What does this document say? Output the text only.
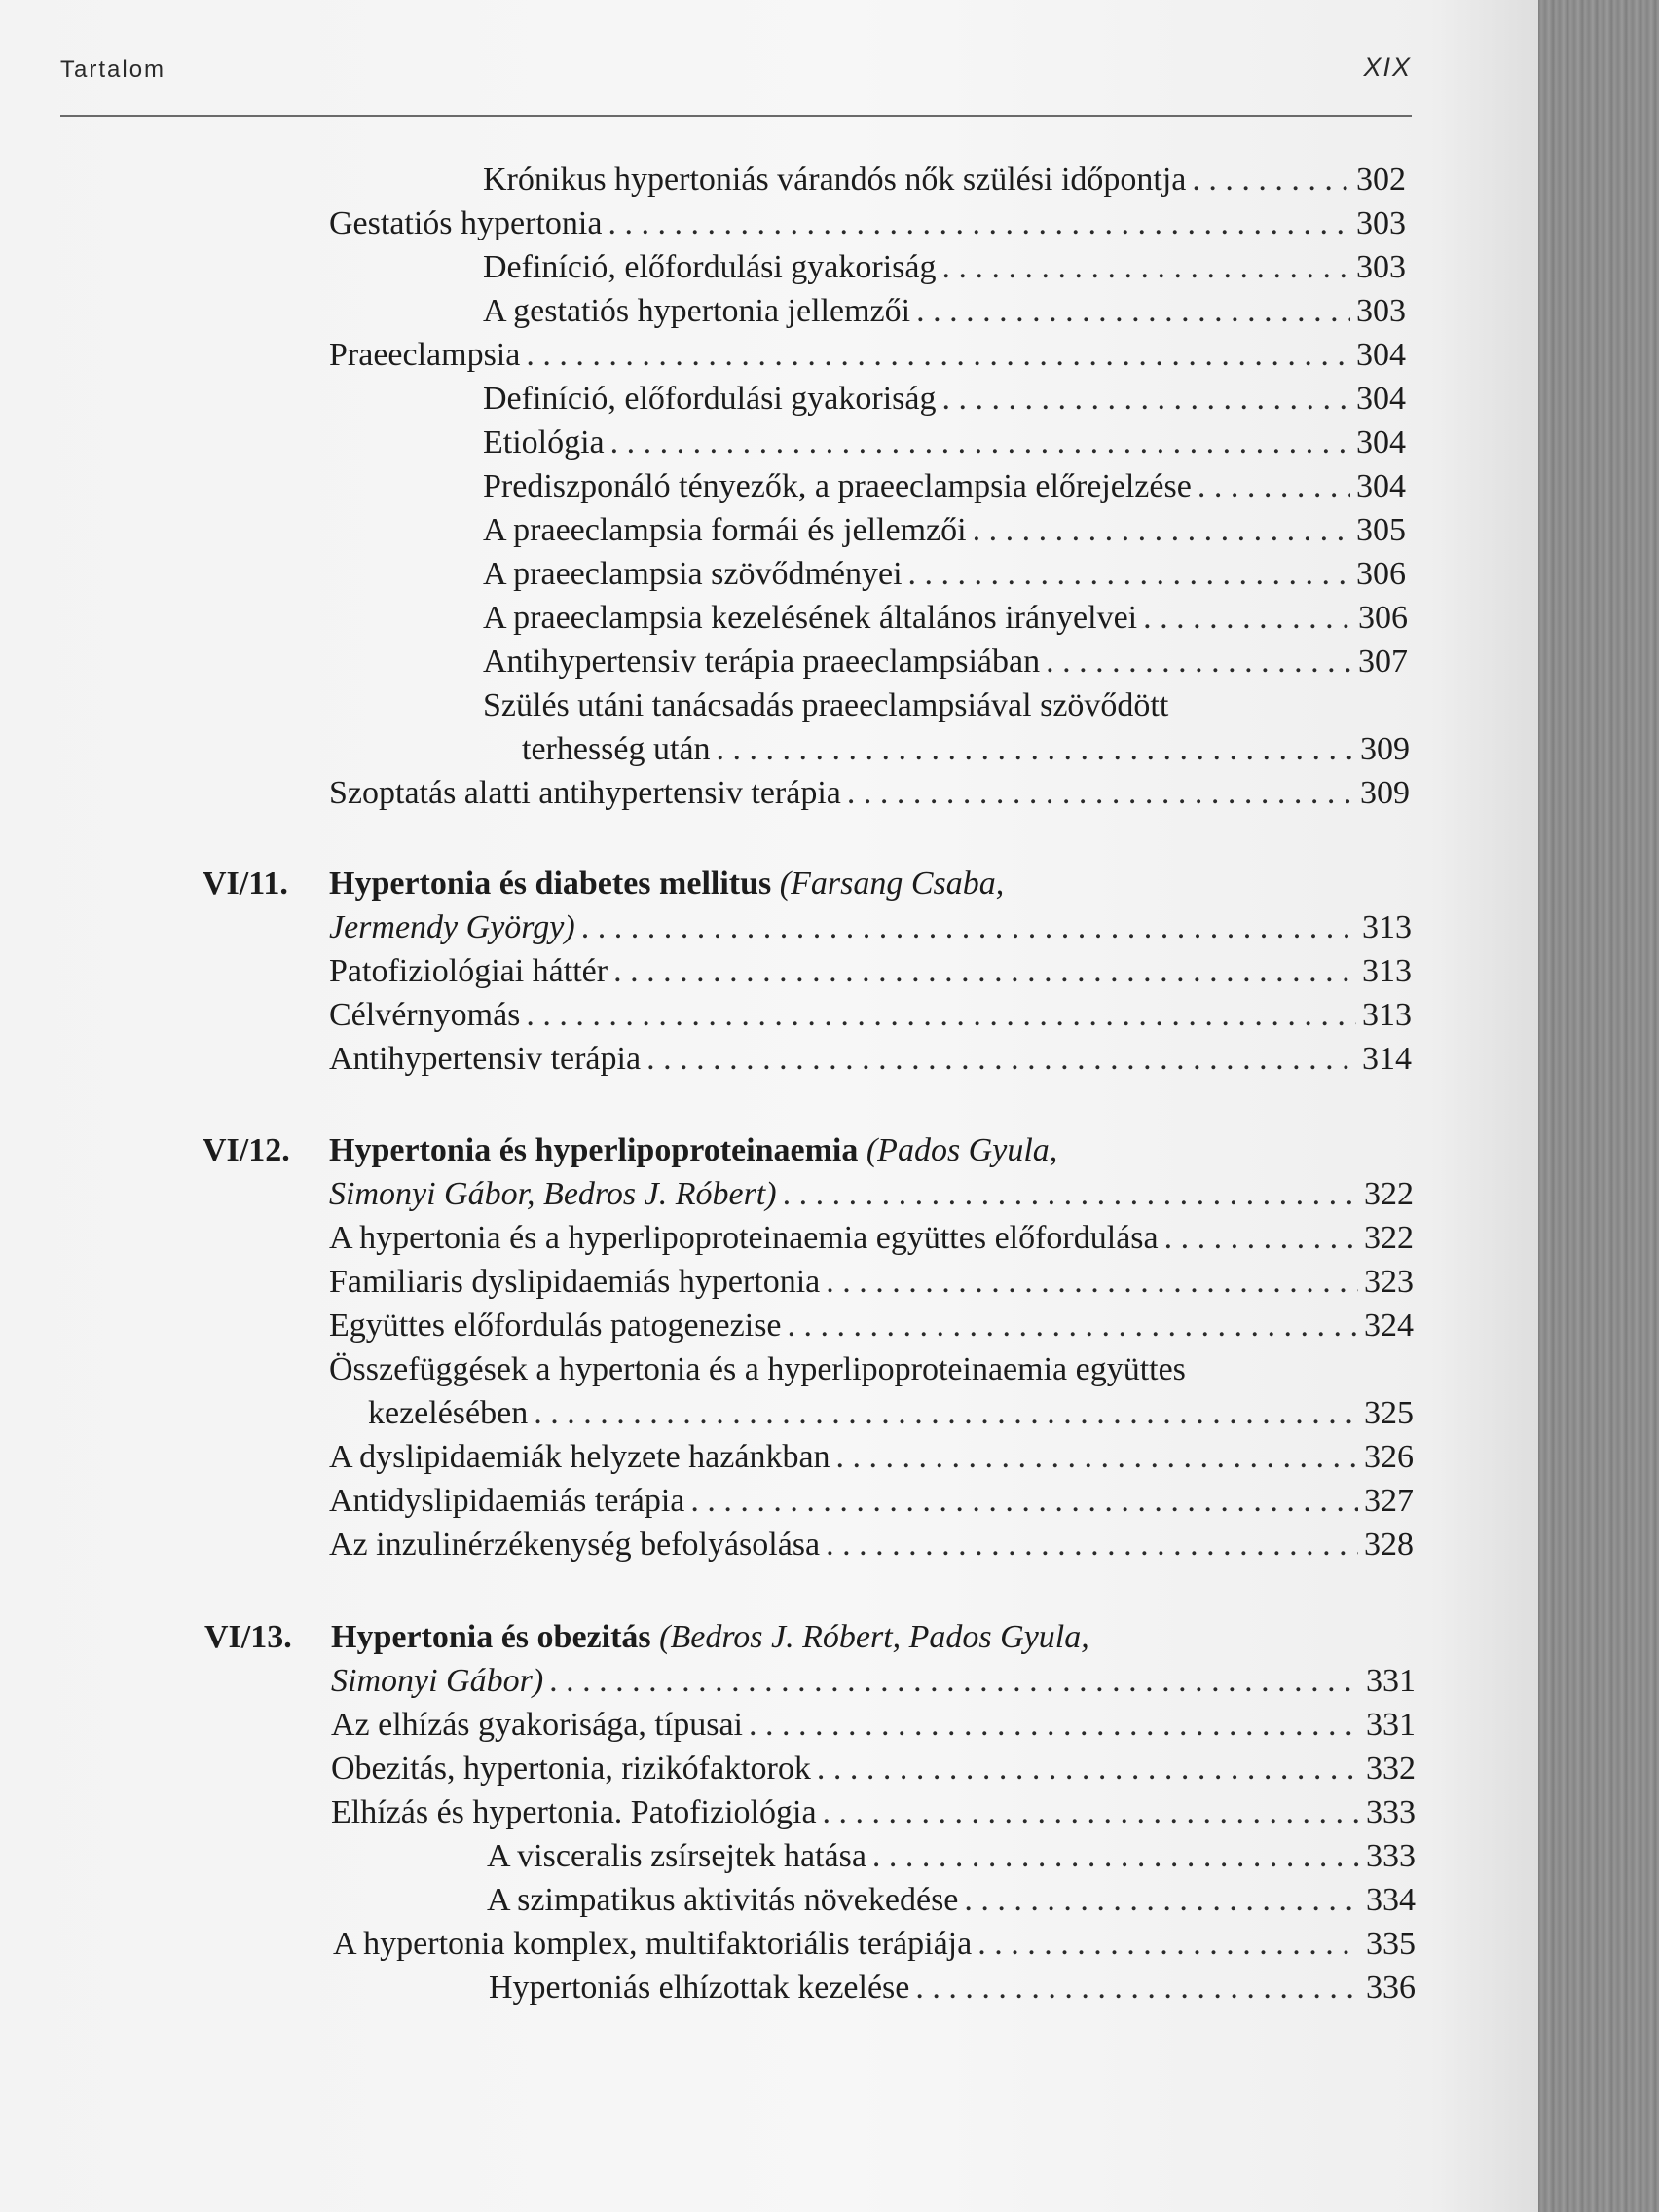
Tartalom	XIX
Krónikus hypertoniás várandós nők szülési időpontja . . .	302
Gestatiós hypertonia . . .	303
Definíció, előfordulási gyakoriság . . .	303
A gestatiós hypertonia jellemzői . . .	303
Praeeclampsia . . .	304
Definíció, előfordulási gyakoriság . . .	304
Etiológia . . .	304
Prediszponáló tényezők, a praeeclampsia előrejelzése . . .	304
A praeeclampsia formái és jellemzői . . .	305
A praeeclampsia szövődményei . . .	306
A praeeclampsia kezelésének általános irányelvei . . .	306
Antihypertensiv terápia praeeclampsiában . . .	307
Szülés utáni tanácsadás praeeclampsiával szövődött
terhesség után . . .	309
Szoptatás alatti antihypertensiv terápia . . .	309
VI/11. Hypertonia és diabetes mellitus (Farsang Csaba,
Jermendy György) . . .	313
Patofiziológiai háttér . . .	313
Célvérnyomás . . .	313
Antihypertensiv terápia . . .	314
VI/12. Hypertonia és hyperlipoproteinaemia (Pados Gyula,
Simonyi Gábor, Bedros J. Róbert) . . .	322
A hypertonia és a hyperlipoproteinaemia együttes előfordulása . . .	322
Familiaris dyslipidaemiás hypertonia . . .	323
Együttes előfordulás patogenezise . . .	324
Összefüggések a hypertonia és a hyperlipoproteinaemia együttes
kezelésében . . .	325
A dyslipidaemiák helyzete hazánkban . . .	326
Antidyslipidaemiás terápia . . .	327
Az inzulinérzékenység befolyásolása . . .	328
VI/13. Hypertonia és obezitás (Bedros J. Róbert, Pados Gyula,
Simonyi Gábor) . . .	331
Az elhízás gyakorisága, típusai . . .	331
Obezitás, hypertonia, rizikófaktorok . . .	332
Elhízás és hypertonia. Patofiziológia . . .	333
A visceralis zsírsejtek hatása . . .	333
A szimpatikus aktivitás növekedése . . .	334
A hypertonia komplex, multifaktoriális terápiája . . .	335
Hypertoniás elhízottak kezelése . . .	336
